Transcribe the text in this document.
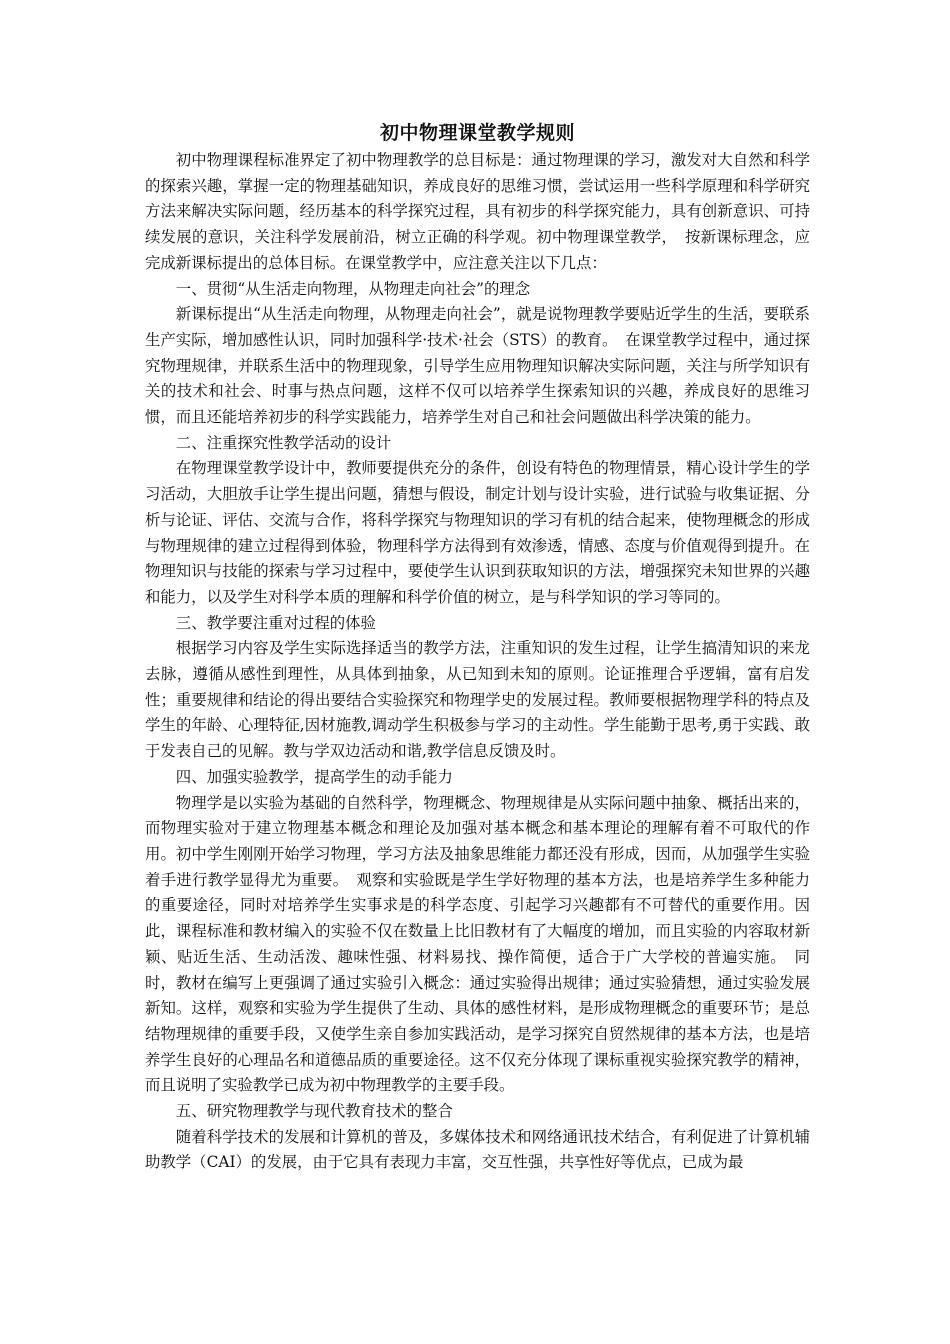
初中物理课堂教学规则

初中物理课程标准界定了初中物理教学的总目标是：通过物理课的学习，激发对大自然和科学的探索兴趣，掌握一定的物理基础知识，养成良好的思维习惯，尝试运用一些科学原理和科学研究方法来解决实际问题，经历基本的科学探究过程，具有初步的科学探究能力，具有创新意识、可持续发展的意识，关注科学发展前沿，树立正确的科学观。初中物理课堂教学，　按新课标理念，应完成新课标提出的总体目标。在课堂教学中，应注意关注以下几点：

一、贯彻“从生活走向物理，从物理走向社会”的理念

新课标提出“从生活走向物理，从物理走向社会”，就是说物理教学要贴近学生的生活，要联系生产实际，增加感性认识，同时加强科学·技术·社会（STS）的教育。　在课堂教学过程中，通过探究物理规律，并联系生活中的物理现象，引导学生应用物理知识解决实际问题，关注与所学知识有关的技术和社会、时事与热点问题，这样不仅可以培养学生探索知识的兴趣，养成良好的思维习惯，而且还能培养初步的科学实践能力，培养学生对自己和社会问题做出科学决策的能力。

二、注重探究性教学活动的设计

在物理课堂教学设计中，教师要提供充分的条件，创设有特色的物理情景，精心设计学生的学习活动，大胆放手让学生提出问题，猜想与假设，制定计划与设计实验，进行试验与收集证据、分析与论证、评估、交流与合作，将科学探究与物理知识的学习有机的结合起来，使物理概念的形成与物理规律的建立过程得到体验，物理科学方法得到有效渗透，情感、态度与价值观得到提升。在物理知识与技能的探索与学习过程中，要使学生认识到获取知识的方法，增强探究未知世界的兴趣和能力，以及学生对科学本质的理解和科学价值的树立，是与科学知识的学习等同的。

三、教学要注重对过程的体验

根据学习内容及学生实际选择适当的教学方法，注重知识的发生过程，让学生搞清知识的来龙去脉，遵循从感性到理性，从具体到抽象，从已知到未知的原则。论证推理合乎逻辑，富有启发性；重要规律和结论的得出要结合实验探究和物理学史的发展过程。教师要根据物理学科的特点及学生的年龄、心理特征,因材施教,调动学生积极参与学习的主动性。学生能勤于思考,勇于实践、敢于发表自己的见解。教与学双边活动和谐,教学信息反馈及时。

四、加强实验教学，提高学生的动手能力

物理学是以实验为基础的自然科学，物理概念、物理规律是从实际问题中抽象、概括出来的，而物理实验对于建立物理基本概念和理论及加强对基本概念和基本理论的理解有着不可取代的作用。初中学生刚刚开始学习物理，学习方法及抽象思维能力都还没有形成，因而，从加强学生实验着手进行教学显得尤为重要。　观察和实验既是学生学好物理的基本方法，也是培养学生多种能力的重要途径，同时对培养学生实事求是的科学态度、引起学习兴趣都有不可替代的重要作用。因此，课程标准和教材编入的实验不仅在数量上比旧教材有了大幅度的增加，而且实验的内容取材新颖、贴近生活、生动活泼、趣味性强、材料易找、操作简便，适合于广大学校的普遍实施。　同时，教材在编写上更强调了通过实验引入概念：通过实验得出规律；通过实验猜想，通过实验发展新知。这样，观察和实验为学生提供了生动、具体的感性材料，是形成物理概念的重要环节；是总结物理规律的重要手段，又使学生亲自参加实践活动，是学习探究自贸然规律的基本方法，也是培养学生良好的心理品名和道德品质的重要途径。这不仅充分体现了课标重视实验探究教学的精神，而且说明了实验教学已成为初中物理教学的主要手段。

五、研究物理教学与现代教育技术的整合

随着科学技术的发展和计算机的普及，多媒体技术和网络通讯技术结合，有利促进了计算机辅助教学（CAI）的发展，由于它具有表现力丰富，交互性强，共享性好等优点，已成为最
